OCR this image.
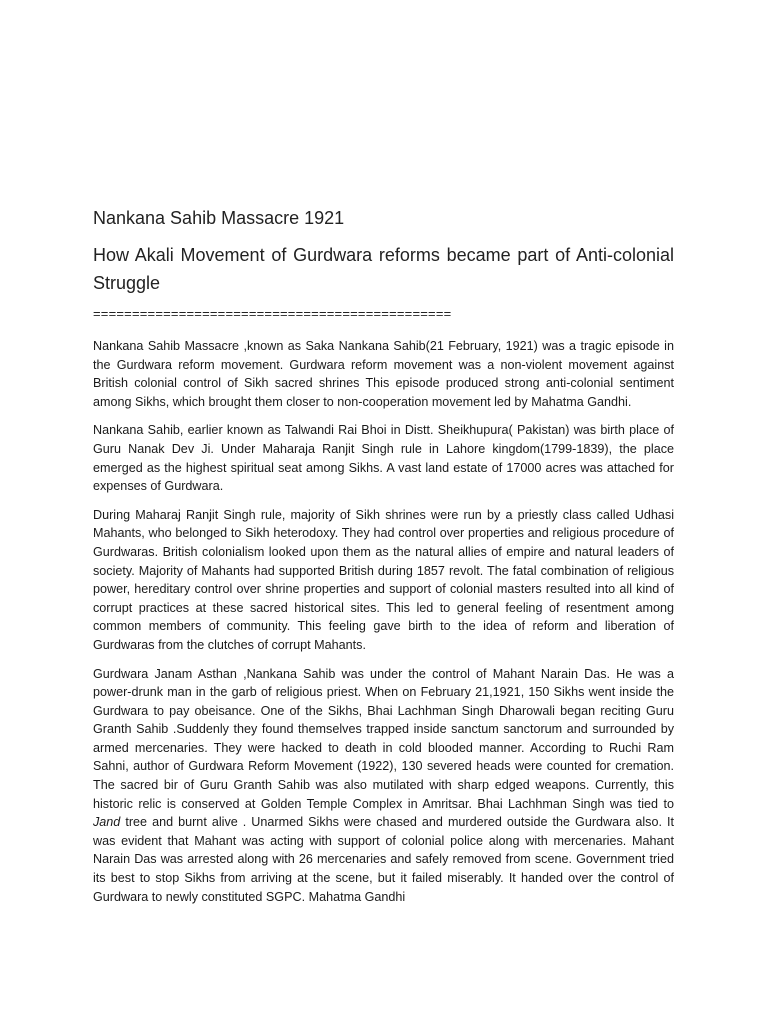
Nankana Sahib Massacre 1921
How Akali Movement of Gurdwara reforms became part of Anti-colonial Struggle
==============================================

Nankana Sahib Massacre ,known as Saka Nankana Sahib(21 February, 1921) was a tragic episode in the Gurdwara reform movement. Gurdwara reform movement was a non-violent movement against British colonial control of Sikh sacred shrines This episode produced strong anti-colonial sentiment among Sikhs, which brought them closer to non-cooperation movement led by Mahatma Gandhi.

Nankana Sahib, earlier known as Talwandi Rai Bhoi in Distt. Sheikhupura( Pakistan) was birth place of Guru Nanak Dev Ji. Under Maharaja Ranjit Singh rule in Lahore kingdom(1799-1839), the place emerged as the highest spiritual seat among Sikhs. A vast land estate of 17000 acres was attached for expenses of Gurdwara.

During Maharaj Ranjit Singh rule, majority of Sikh shrines were run by a priestly class called Udhasi Mahants, who belonged to Sikh heterodoxy. They had control over properties and religious procedure of Gurdwaras. British colonialism looked upon them as the natural allies of empire and natural leaders of society. Majority of Mahants had supported British during 1857 revolt. The fatal combination of religious power, hereditary control over shrine properties and support of colonial masters resulted into all kind of corrupt practices at these sacred historical sites. This led to general feeling of resentment among common members of community. This feeling gave birth to the idea of reform and liberation of Gurdwaras from the clutches of corrupt Mahants.

Gurdwara Janam Asthan ,Nankana Sahib was under the control of Mahant Narain Das. He was a power-drunk man in the garb of religious priest. When on February 21,1921, 150 Sikhs went inside the Gurdwara to pay obeisance. One of the Sikhs, Bhai Lachhman Singh Dharowali began reciting Guru Granth Sahib .Suddenly they found themselves trapped inside sanctum sanctorum and surrounded by armed mercenaries. They were hacked to death in cold blooded manner. According to Ruchi Ram Sahni, author of Gurdwara Reform Movement (1922), 130 severed heads were counted for cremation. The sacred bir of Guru Granth Sahib was also mutilated with sharp edged weapons. Currently, this historic relic is conserved at Golden Temple Complex in Amritsar. Bhai Lachhman Singh was tied to Jand tree and burnt alive . Unarmed Sikhs were chased and murdered outside the Gurdwara also. It was evident that Mahant was acting with support of colonial police along with mercenaries. Mahant Narain Das was arrested along with 26 mercenaries and safely removed from scene. Government tried its best to stop Sikhs from arriving at the scene, but it failed miserably. It handed over the control of Gurdwara to newly constituted SGPC. Mahatma Gandhi
